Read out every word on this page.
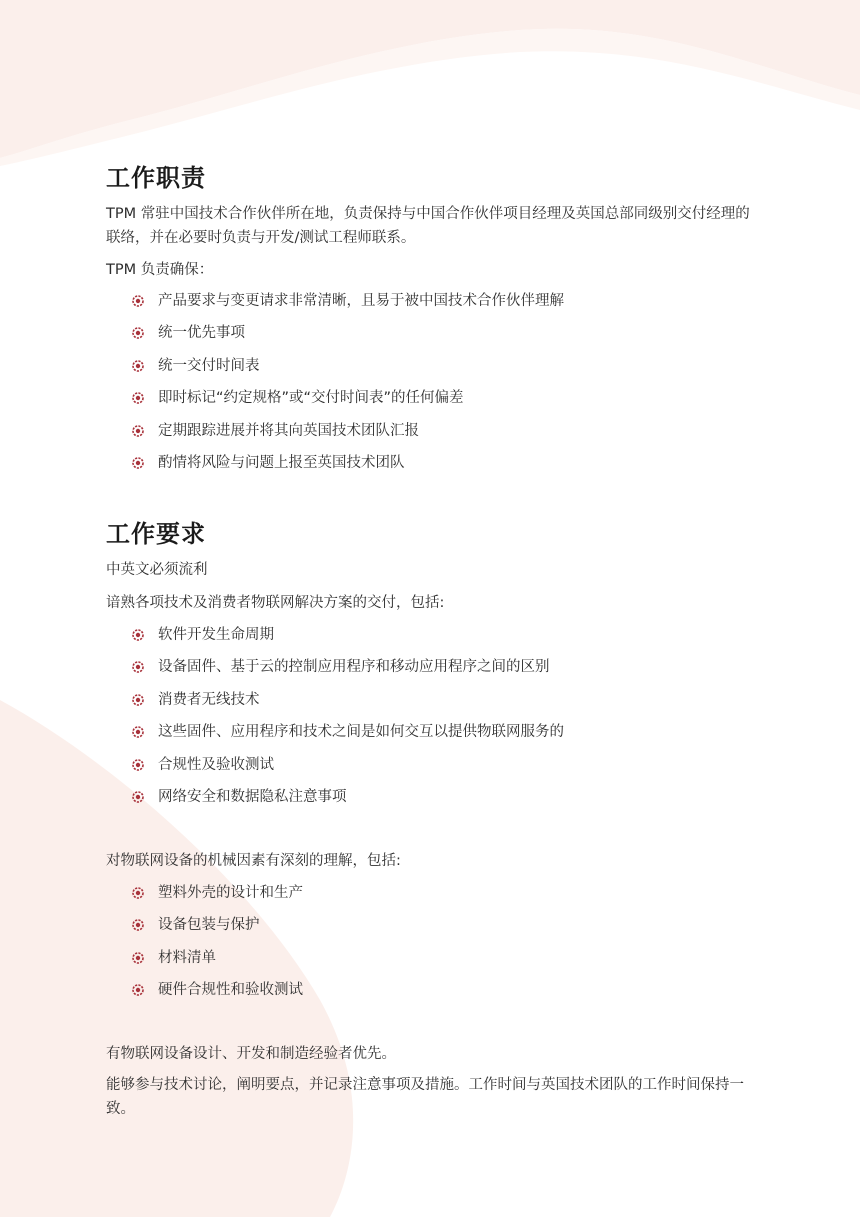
工作职责

TPM 常驻中国技术合作伙伴所在地，负责保持与中国合作伙伴项目经理及英国总部同级别交付经理的联络，并在必要时负责与开发/测试工程师联系。

TPM 负责确保：

产品要求与变更请求非常清晰，且易于被中国技术合作伙伴理解
统一优先事项
统一交付时间表
即时标记“约定规格”或“交付时间表”的任何偏差
定期跟踪进展并将其向英国技术团队汇报
酌情将风险与问题上报至英国技术团队
工作要求

中英文必须流利

谙熟各项技术及消费者物联网解决方案的交付，包括:

软件开发生命周期
设备固件、基于云的控制应用程序和移动应用程序之间的区别
消费者无线技术
这些固件、应用程序和技术之间是如何交互以提供物联网服务的
合规性及验收测试
网络安全和数据隐私注意事项

对物联网设备的机械因素有深刻的理解，包括:

塑料外壳的设计和生产
设备包装与保护
材料清单
硬件合规性和验收测试

有物联网设备设计、开发和制造经验者优先。

能够参与技术讨论，阐明要点，并记录注意事项及措施。工作时间与英国技术团队的工作时间保持一致。
